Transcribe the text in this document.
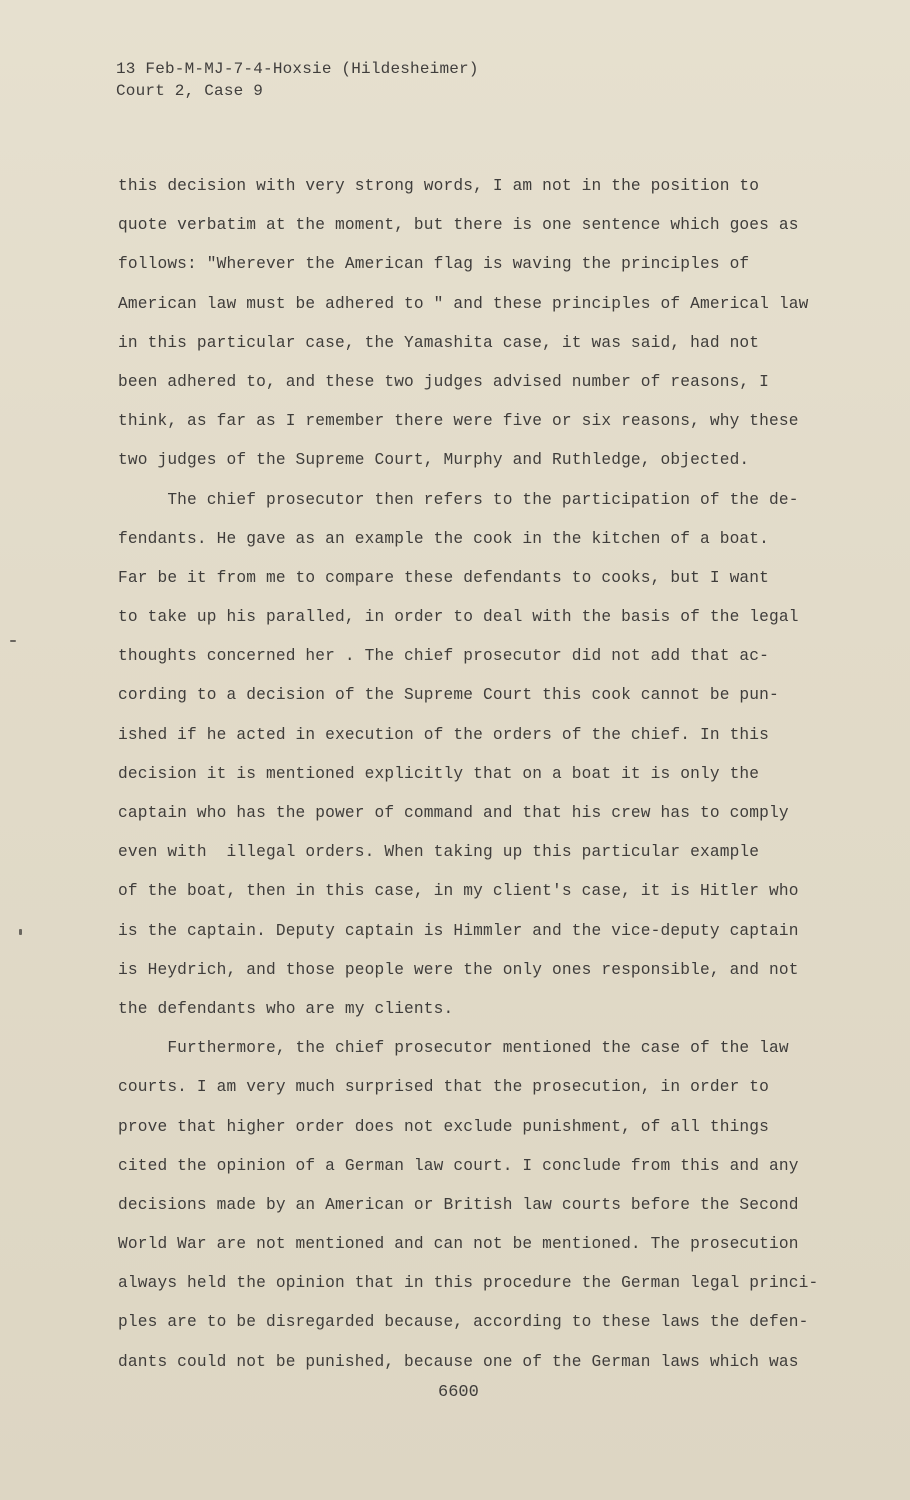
13 Feb-M-MJ-7-4-Hoxsie (Hildesheimer)
Court 2, Case 9
this decision with very strong words, I am not in the position to
quote verbatim at the moment, but there is one sentence which goes as
follows: "Wherever the American flag is waving the principles of
American law must be adhered to " and these principles of Americal law
in this particular case, the Yamashita case, it was said, had not
been adhered to, and these two judges advised number of reasons, I
think, as far as I remember there were five or six reasons, why these
two judges of the Supreme Court, Murphy and Ruthledge, objected.
The chief prosecutor then refers to the participation of the de-
fendants. He gave as an example the cook in the kitchen of a boat.
Far be it from me to compare these defendants to cooks, but I want
to take up his paralled, in order to deal with the basis of the legal
thoughts concerned her . The chief prosecutor did not add that ac-
cording to a decision of the Supreme Court this cook cannot be pun-
ished if he acted in execution of the orders of the chief. In this
decision it is mentioned explicitly that on a boat it is only the
captain who has the power of command and that his crew has to comply
even with  illegal orders. When taking up this particular example
of the boat, then in this case, in my client's case, it is Hitler who
is the captain. Deputy captain is Himmler and the vice-deputy captain
is Heydrich, and those people were the only ones responsible, and not
the defendants who are my clients.
Furthermore, the chief prosecutor mentioned the case of the law
courts. I am very much surprised that the prosecution, in order to
prove that higher order does not exclude punishment, of all things
cited the opinion of a German law court. I conclude from this and any
decisions made by an American or British law courts before the Second
World War are not mentioned and can not be mentioned. The prosecution
always held the opinion that in this procedure the German legal princi-
ples are to be disregarded because, according to these laws the defen-
dants could not be punished, because one of the German laws which was
6600
